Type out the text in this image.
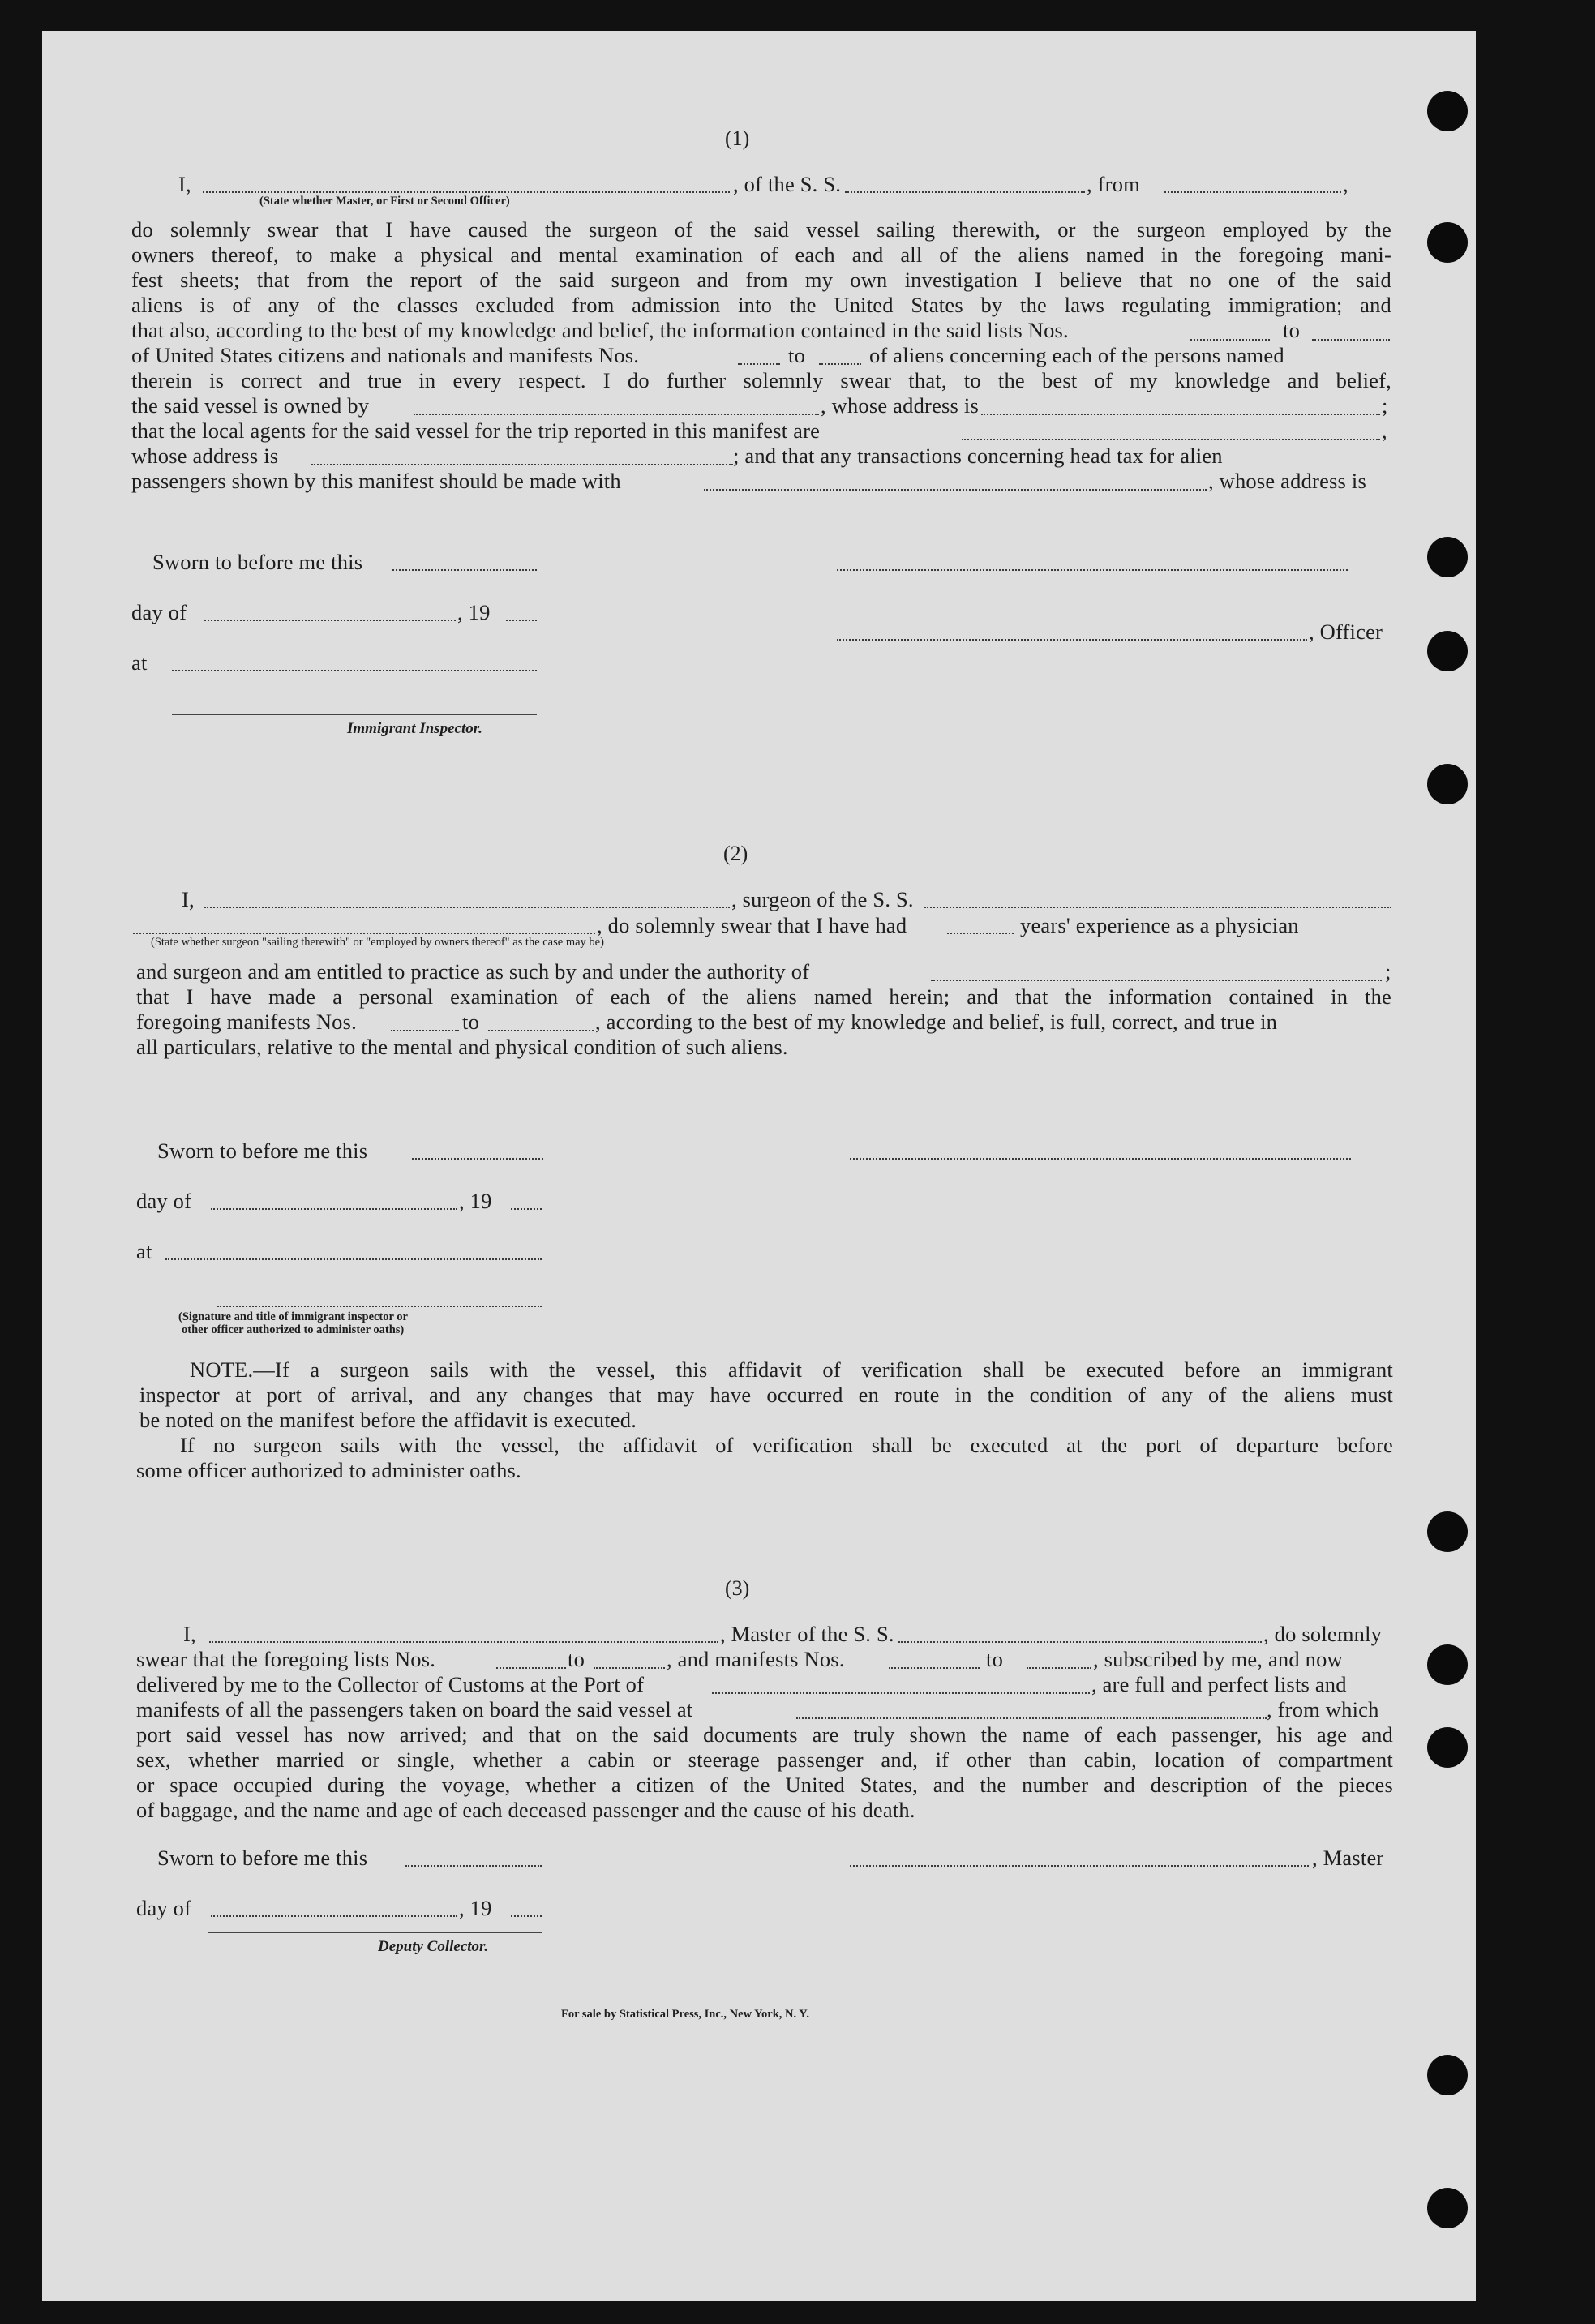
(1)
I,	, of the S. S.	, from	,
(State whether Master, or First or Second Officer)
do solemnly swear that I have caused the surgeon of the said vessel sailing therewith, or the surgeon employed by the
owners thereof, to make a physical and mental examination of each and all of the aliens named in the foregoing mani-
fest sheets; that from the report of the said surgeon and from my own investigation I believe that no one of the said
aliens is of any of the classes excluded from admission into the United States by the laws regulating immigration; and
that also, according to the best of my knowledge and belief, the information contained in the said lists Nos.	to
of United States citizens and nationals and manifests Nos.	to	of aliens concerning each of the persons named
therein is correct and true in every respect. I do further solemnly swear that, to the best of my knowledge and belief,
the said vessel is owned by	, whose address is	;
that the local agents for the said vessel for the trip reported in this manifest are	,
whose address is	; and that any transactions concerning head tax for alien
passengers shown by this manifest should be made with	, whose address is
Sworn to before me this
day of	, 19
, Officer
at
Immigrant Inspector.
(2)
I,	, surgeon of the S. S.
, do solemnly swear that I have had	years' experience as a physician
(State whether surgeon "sailing therewith" or "employed by owners thereof" as the case may be)
and surgeon and am entitled to practice as such by and under the authority of	;
that I have made a personal examination of each of the aliens named herein; and that the information contained in the
foregoing manifests Nos.	to	, according to the best of my knowledge and belief, is full, correct, and true in
all particulars, relative to the mental and physical condition of such aliens.
Sworn to before me this
day of	, 19
at
(Signature and title of immigrant inspector or
other officer authorized to administer oaths)
NOTE.—If a surgeon sails with the vessel, this affidavit of verification shall be executed before an immigrant
inspector at port of arrival, and any changes that may have occurred en route in the condition of any of the aliens must
be noted on the manifest before the affidavit is executed.
If no surgeon sails with the vessel, the affidavit of verification shall be executed at the port of departure before
some officer authorized to administer oaths.
(3)
I,	, Master of the S. S.	, do solemnly
swear that the foregoing lists Nos.	to	, and manifests Nos.	to	, subscribed by me, and now
delivered by me to the Collector of Customs at the Port of	, are full and perfect lists and
manifests of all the passengers taken on board the said vessel at	, from which
port said vessel has now arrived; and that on the said documents are truly shown the name of each passenger, his age and
sex, whether married or single, whether a cabin or steerage passenger and, if other than cabin, location of compartment
or space occupied during the voyage, whether a citizen of the United States, and the number and description of the pieces
of baggage, and the name and age of each deceased passenger and the cause of his death.
Sworn to before me this	, Master
day of	, 19
Deputy Collector.
For sale by Statistical Press, Inc., New York, N. Y.
